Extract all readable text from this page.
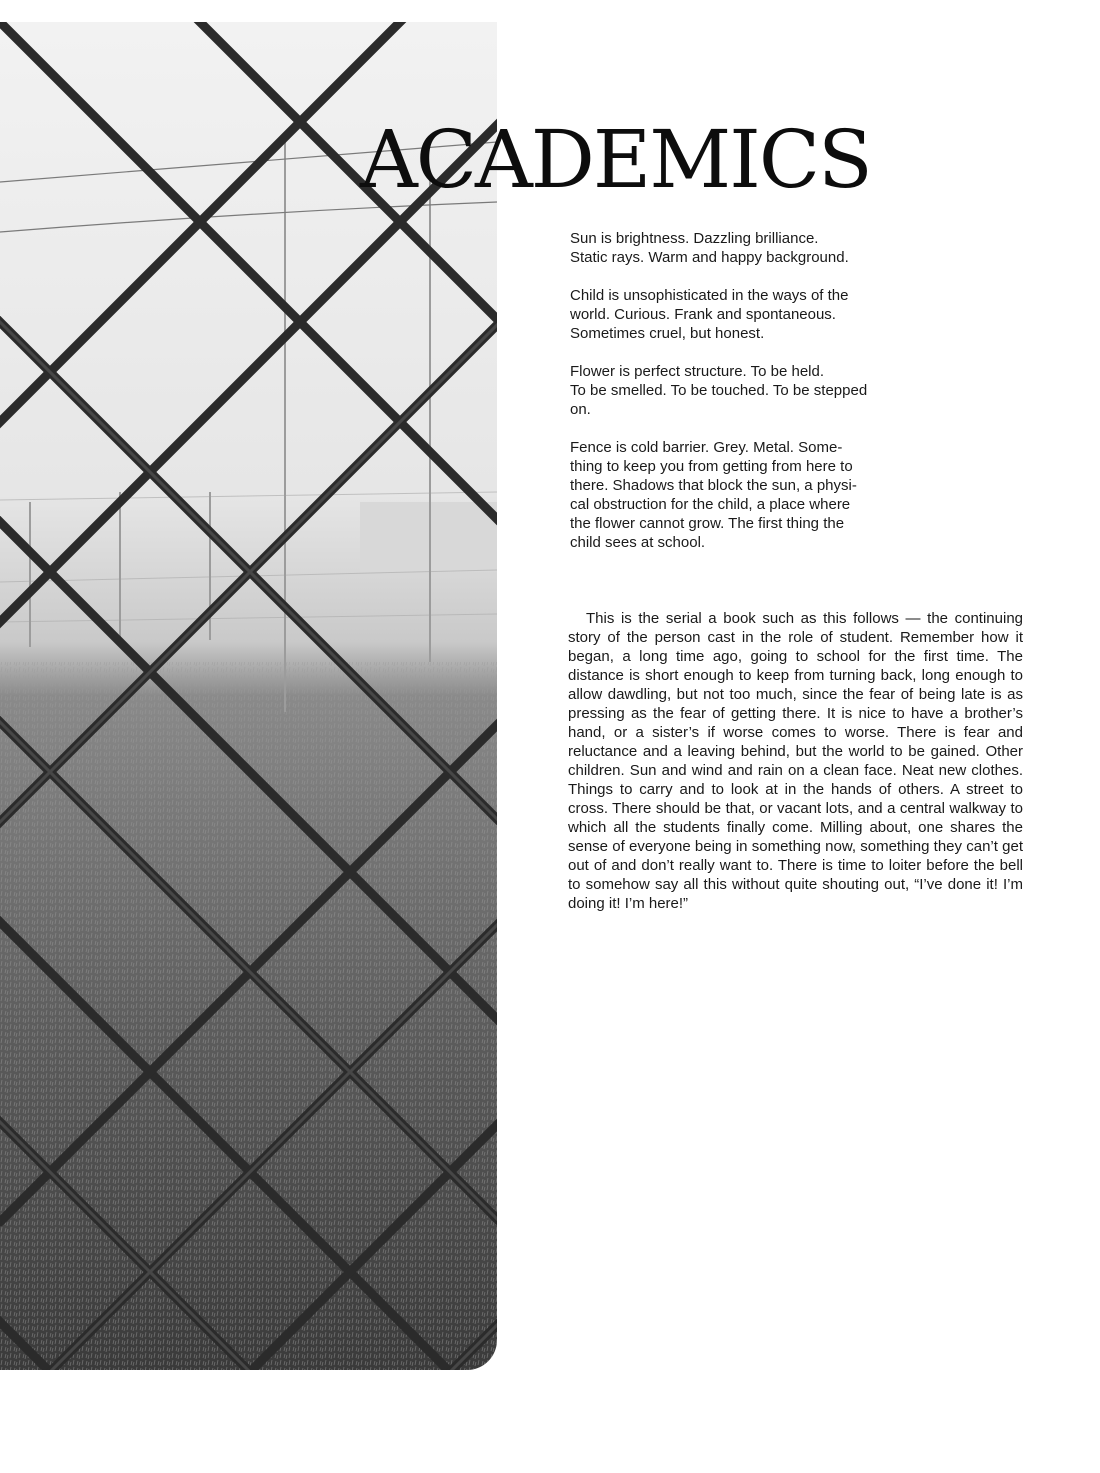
ACADEMICS

Sun is brightness. Dazzling brilliance.
Static rays. Warm and happy background.

Child is unsophisticated in the ways of the
world. Curious. Frank and spontaneous.
Sometimes cruel, but honest.

Flower is perfect structure. To be held.
To be smelled. To be touched. To be stepped
on.

Fence is cold barrier. Grey. Metal. Some-
thing to keep you from getting from here to
there. Shadows that block the sun, a physi-
cal obstruction for the child, a place where
the flower cannot grow. The first thing the
child sees at school.

This is the serial a book such as this follows — the continuing story of the person cast in the role of student. Remember how it began, a long time ago, going to school for the first time. The distance is short enough to keep from turning back, long enough to allow dawdling, but not too much, since the fear of being late is as pressing as the fear of getting there. It is nice to have a brother’s hand, or a sister’s if worse comes to worse. There is fear and reluctance and a leaving behind, but the world to be gained. Other children. Sun and wind and rain on a clean face. Neat new clothes. Things to carry and to look at in the hands of others. A street to cross. There should be that, or vacant lots, and a central walkway to which all the students finally come. Milling about, one shares the sense of everyone being in something now, something they can’t get out of and don’t really want to. There is time to loiter before the bell to somehow say all this without quite shouting out, “I’ve done it! I’m doing it! I’m here!”
